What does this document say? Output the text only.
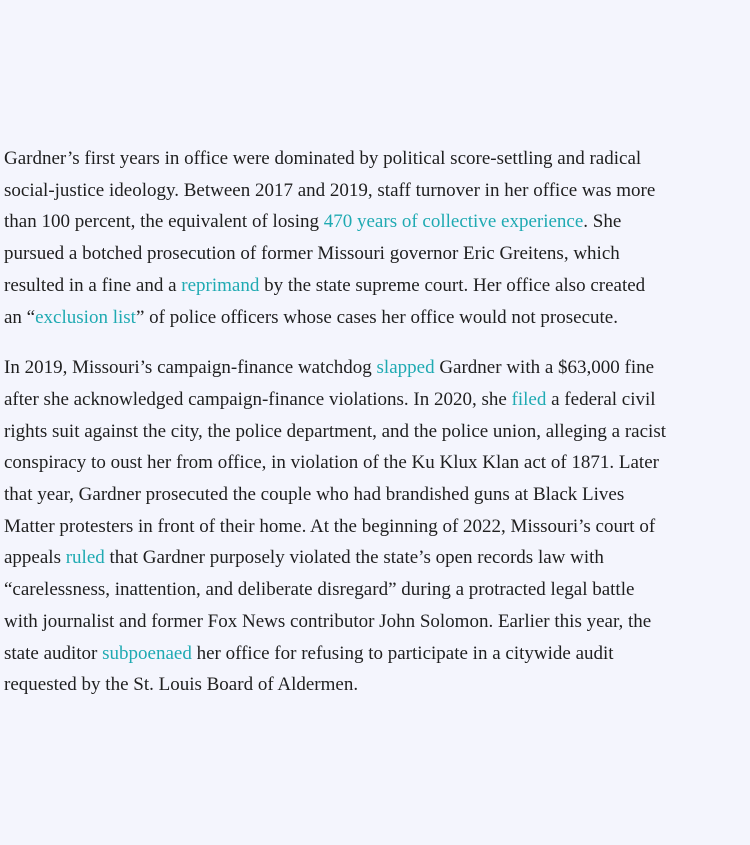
Gardner’s first years in office were dominated by political score-settling and radical
social-justice ideology. Between 2017 and 2019, staff turnover in her office was more
than 100 percent, the equivalent of losing 470 years of collective experience. She
pursued a botched prosecution of former Missouri governor Eric Greitens, which
resulted in a fine and a reprimand by the state supreme court. Her office also created
an “exclusion list” of police officers whose cases her office would not prosecute.

In 2019, Missouri’s campaign-finance watchdog slapped Gardner with a $63,000 fine
after she acknowledged campaign-finance violations. In 2020, she filed a federal civil
rights suit against the city, the police department, and the police union, alleging a racist
conspiracy to oust her from office, in violation of the Ku Klux Klan act of 1871. Later
that year, Gardner prosecuted the couple who had brandished guns at Black Lives
Matter protesters in front of their home. At the beginning of 2022, Missouri’s court of
appeals ruled that Gardner purposely violated the state’s open records law with
“carelessness, inattention, and deliberate disregard” during a protracted legal battle
with journalist and former Fox News contributor John Solomon. Earlier this year, the
state auditor subpoenaed her office for refusing to participate in a citywide audit
requested by the St. Louis Board of Aldermen.
